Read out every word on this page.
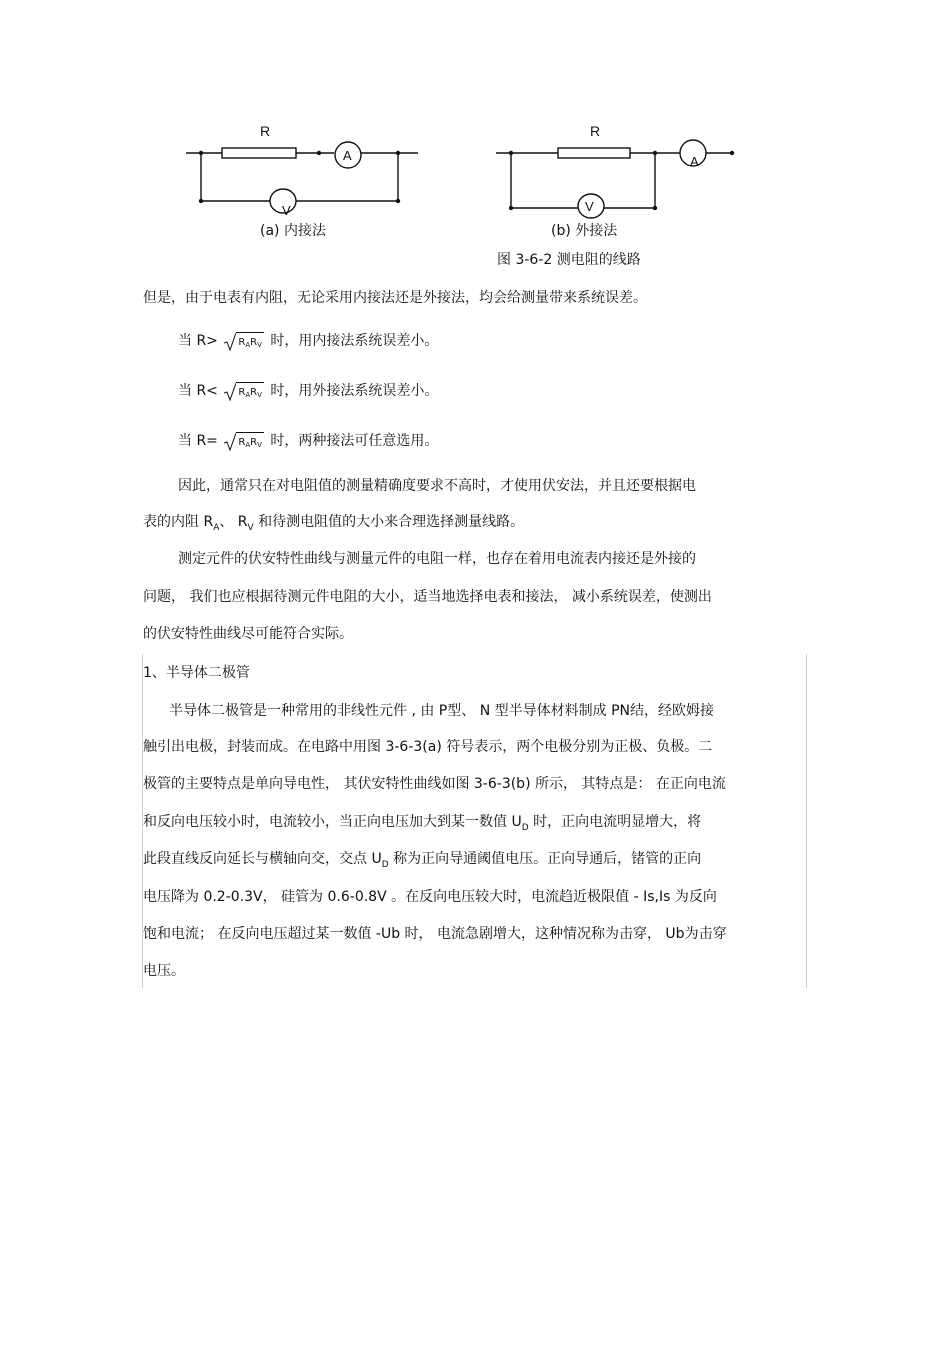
R
A
V
R
A
V
(a) 内接法	(b) 外接法
图 3-6-2 测电阻的线路
但是，由于电表有内阻，无论采用内接法还是外接法，均会给测量带来系统误差。
当 $R> R_AR_V$ 时，用内接法系统误差小。
当 $R< R_AR_V$ 时，用外接法系统误差小。
当 $R= R_AR_V$ 时，两种接法可任意选用。
因此，通常只在对电阻值的测量精确度要求不高时，才使用伏安法，并且还要根据电
表的内阻 $R_A$、 $R_V$ 和待测电阻值的大小来合理选择测量线路。
测定元件的伏安特性曲线与测量元件的电阻一样，也存在着用电流表内接还是外接的
问题， 我们也应根据待测元件电阻的大小，适当地选择电表和接法， 减小系统误差，使测出
的伏安特性曲线尽可能符合实际。
1、半导体二极管
半导体二极管是一种常用的非线性元件 , 由 P型、 N 型半导体材料制成 PN结，经欧姆接
触引出电极，封装而成。在电路中用图 3-6-3(a) 符号表示，两个电极分别为正极、负极。二
极管的主要特点是单向导电性， 其伏安特性曲线如图 3-6-3(b) 所示， 其特点是： 在正向电流
和反向电压较小时，电流较小，当正向电压加大到某一数值 $U_D$ 时，正向电流明显增大，将
此段直线反向延长与横轴向交，交点 $U_D$ 称为正向导通阈值电压。正向导通后，锗管的正向
电压降为 0.2-0.3V， 硅管为 0.6-0.8V 。在反向电压较大时，电流趋近极限值 - Is,Is 为反向
饱和电流； 在反向电压超过某一数值 -Ub 时， 电流急剧增大，这种情况称为击穿， Ub为击穿
电压。
